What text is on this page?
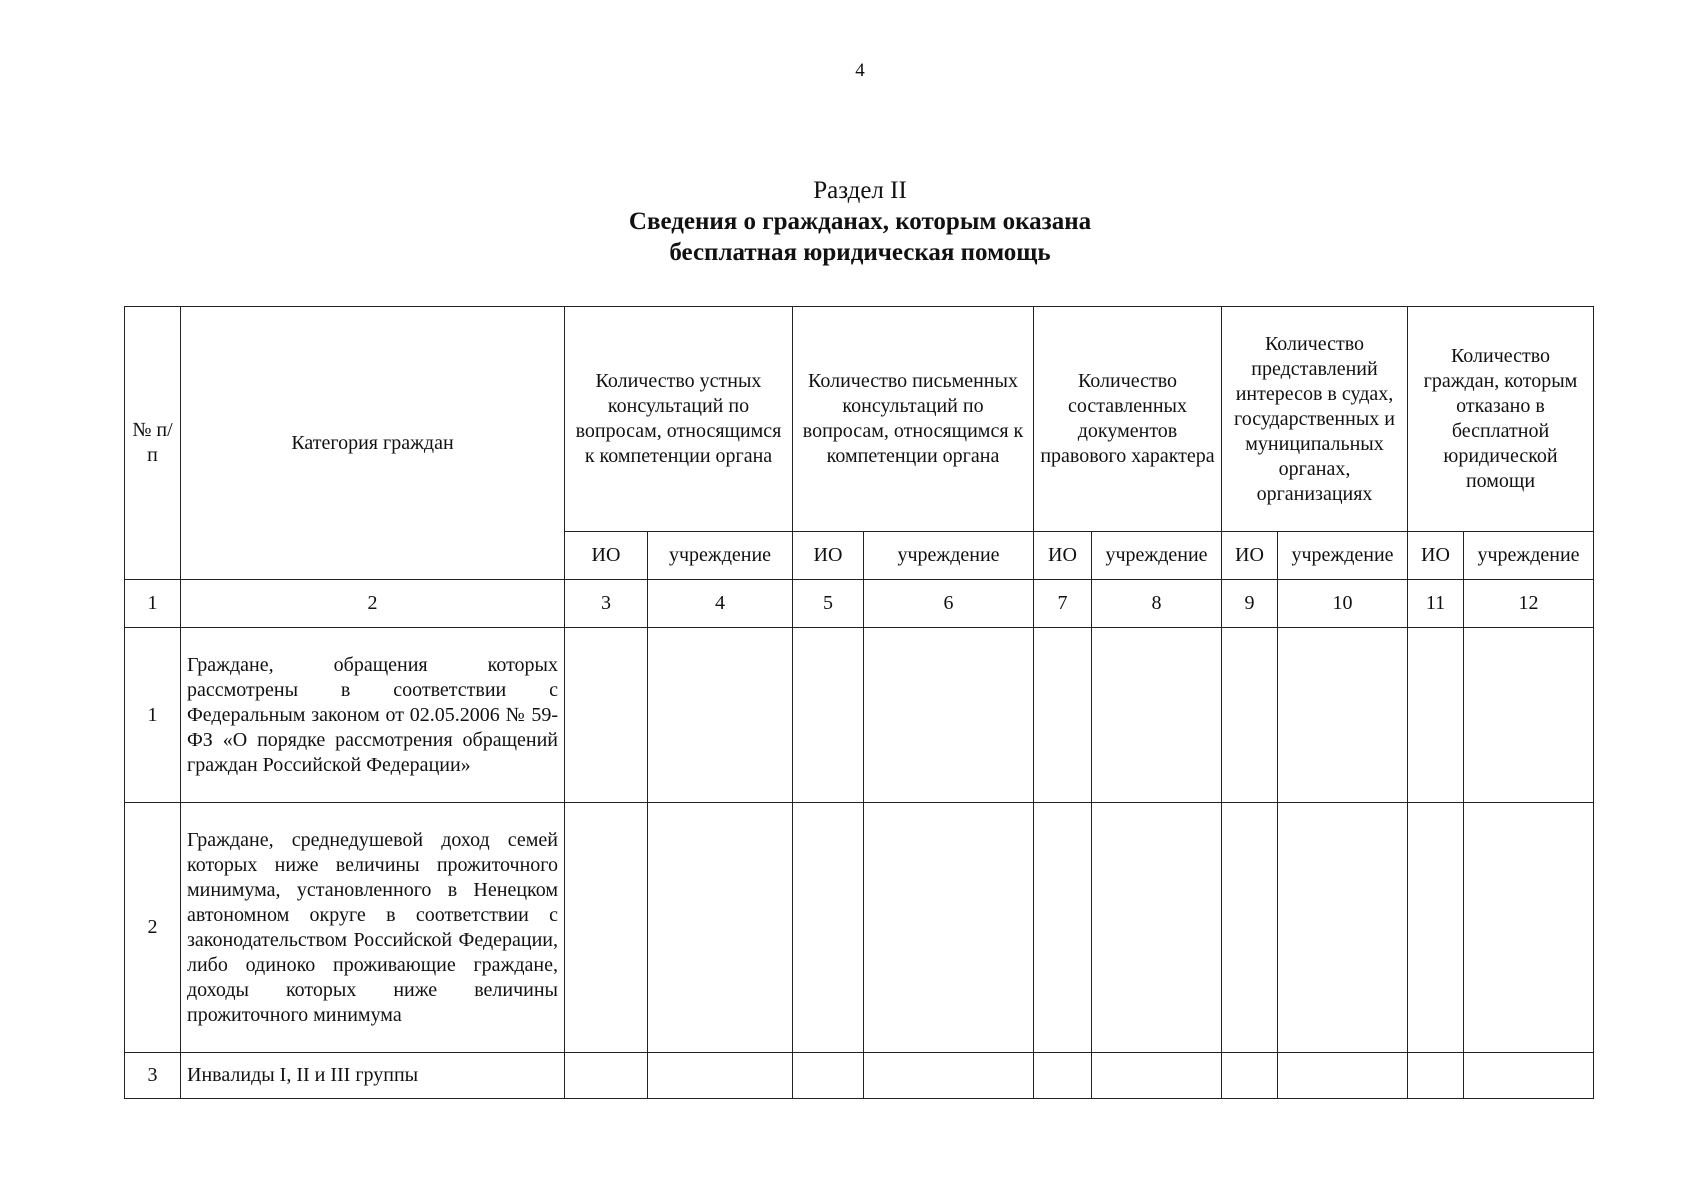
4
Раздел II
Сведения о гражданах, которым оказана
бесплатная юридическая помощь
№ п/п	Категория граждан	Количество устных консультаций по вопросам, относящимся к компетенции органа		Количество письменных консультаций по вопросам, относящимся к компетенции органа		Количество составленных документов правового характера		Количество представлений интересов в судах, государственных и муниципальных органах, организациях		Количество граждан, которым отказано в бесплатной юридической помощи	
		ИО	учреждение	ИО	учреждение	ИО	учреждение	ИО	учреждение	ИО	учреждение
1	2	3	4	5	6	7	8	9	10	11	12
1	Граждане, обращения которых рассмотрены в соответствии с Федеральным законом от 02.05.2006 № 59-ФЗ «О порядке рассмотрения обращений граждан Российской Федерации»										
2	Граждане, среднедушевой доход семей которых ниже величины прожиточного минимума, установленного в Ненецком автономном округе в соответствии с законодательством Российской Федерации, либо одиноко проживающие граждане, доходы которых ниже величины прожиточного минимума										
3	Инвалиды I, II и III группы										
